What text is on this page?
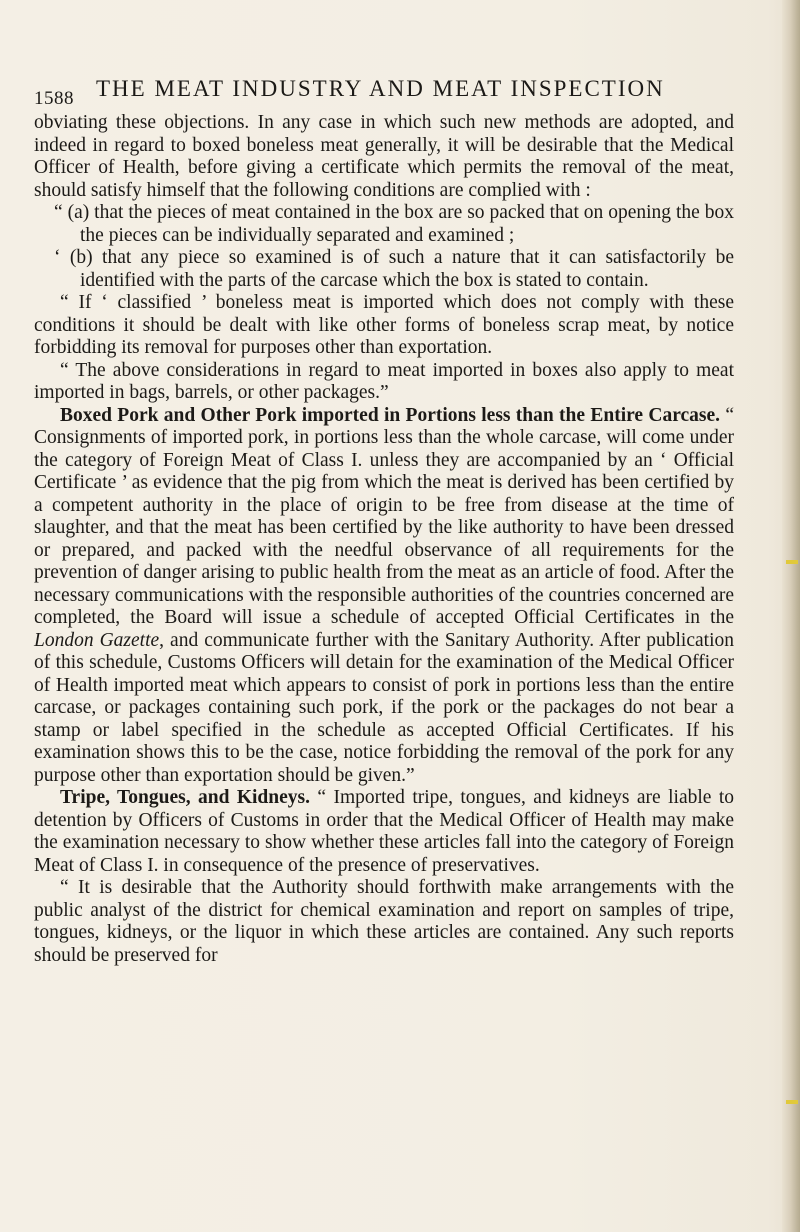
1588 THE MEAT INDUSTRY AND MEAT INSPECTION

obviating these objections. In any case in which such new methods are adopted, and indeed in regard to boxed boneless meat generally, it will be desirable that the Medical Officer of Health, before giving a certificate which permits the removal of the meat, should satisfy himself that the following conditions are complied with :

“ (a) that the pieces of meat contained in the box are so packed that on opening the box the pieces can be individually separated and examined ;

‘ (b) that any piece so examined is of such a nature that it can satisfactorily be identified with the parts of the carcase which the box is stated to contain.

“ If ‘ classified ’ boneless meat is imported which does not comply with these conditions it should be dealt with like other forms of boneless scrap meat, by notice forbidding its removal for purposes other than exportation.

“ The above considerations in regard to meat imported in boxes also apply to meat imported in bags, barrels, or other packages.”

Boxed Pork and Other Pork imported in Portions less than the Entire Carcase. “ Consignments of imported pork, in portions less than the whole carcase, will come under the category of Foreign Meat of Class I. unless they are accompanied by an ‘ Official Certificate ’ as evidence that the pig from which the meat is derived has been certified by a competent authority in the place of origin to be free from disease at the time of slaughter, and that the meat has been certified by the like authority to have been dressed or prepared, and packed with the needful observance of all requirements for the prevention of danger arising to public health from the meat as an article of food. After the necessary communications with the responsible authorities of the countries concerned are completed, the Board will issue a schedule of accepted Official Certificates in the London Gazette, and communicate further with the Sanitary Authority. After publication of this schedule, Customs Officers will detain for the examination of the Medical Officer of Health imported meat which appears to consist of pork in portions less than the entire carcase, or packages containing such pork, if the pork or the packages do not bear a stamp or label specified in the schedule as accepted Official Certificates. If his examination shows this to be the case, notice forbidding the removal of the pork for any purpose other than exportation should be given.”

Tripe, Tongues, and Kidneys. “ Imported tripe, tongues, and kidneys are liable to detention by Officers of Customs in order that the Medical Officer of Health may make the examination necessary to show whether these articles fall into the category of Foreign Meat of Class I. in consequence of the presence of preservatives.

“ It is desirable that the Authority should forthwith make arrangements with the public analyst of the district for chemical examination and report on samples of tripe, tongues, kidneys, or the liquor in which these articles are contained. Any such reports should be preserved for
